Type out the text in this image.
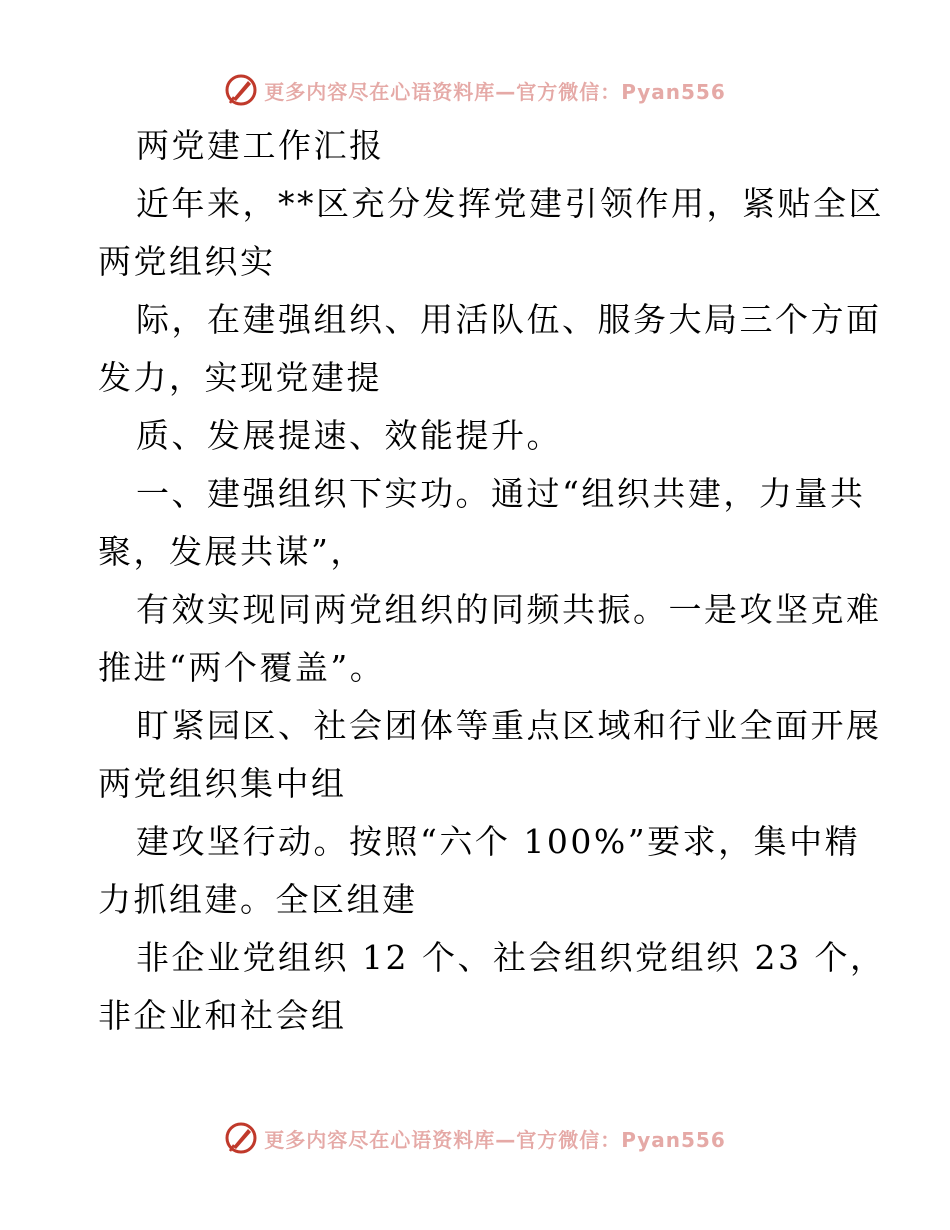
更多内容尽在心语资料库—官方微信：Pyan556
两党建工作汇报
近年来，**区充分发挥党建引领作用，紧贴全区
两党组织实
际，在建强组织、用活队伍、服务大局三个方面
发力，实现党建提
质、发展提速、效能提升。
一、建强组织下实功。通过“组织共建，力量共
聚，发展共谋”，
有效实现同两党组织的同频共振。一是攻坚克难
推进“两个覆盖”。
盯紧园区、社会团体等重点区域和行业全面开展
两党组织集中组
建攻坚行动。按照“六个 100%”要求，集中精
力抓组建。全区组建
非企业党组织 12 个、社会组织党组织 23 个，
非企业和社会组
更多内容尽在心语资料库—官方微信：Pyan556
